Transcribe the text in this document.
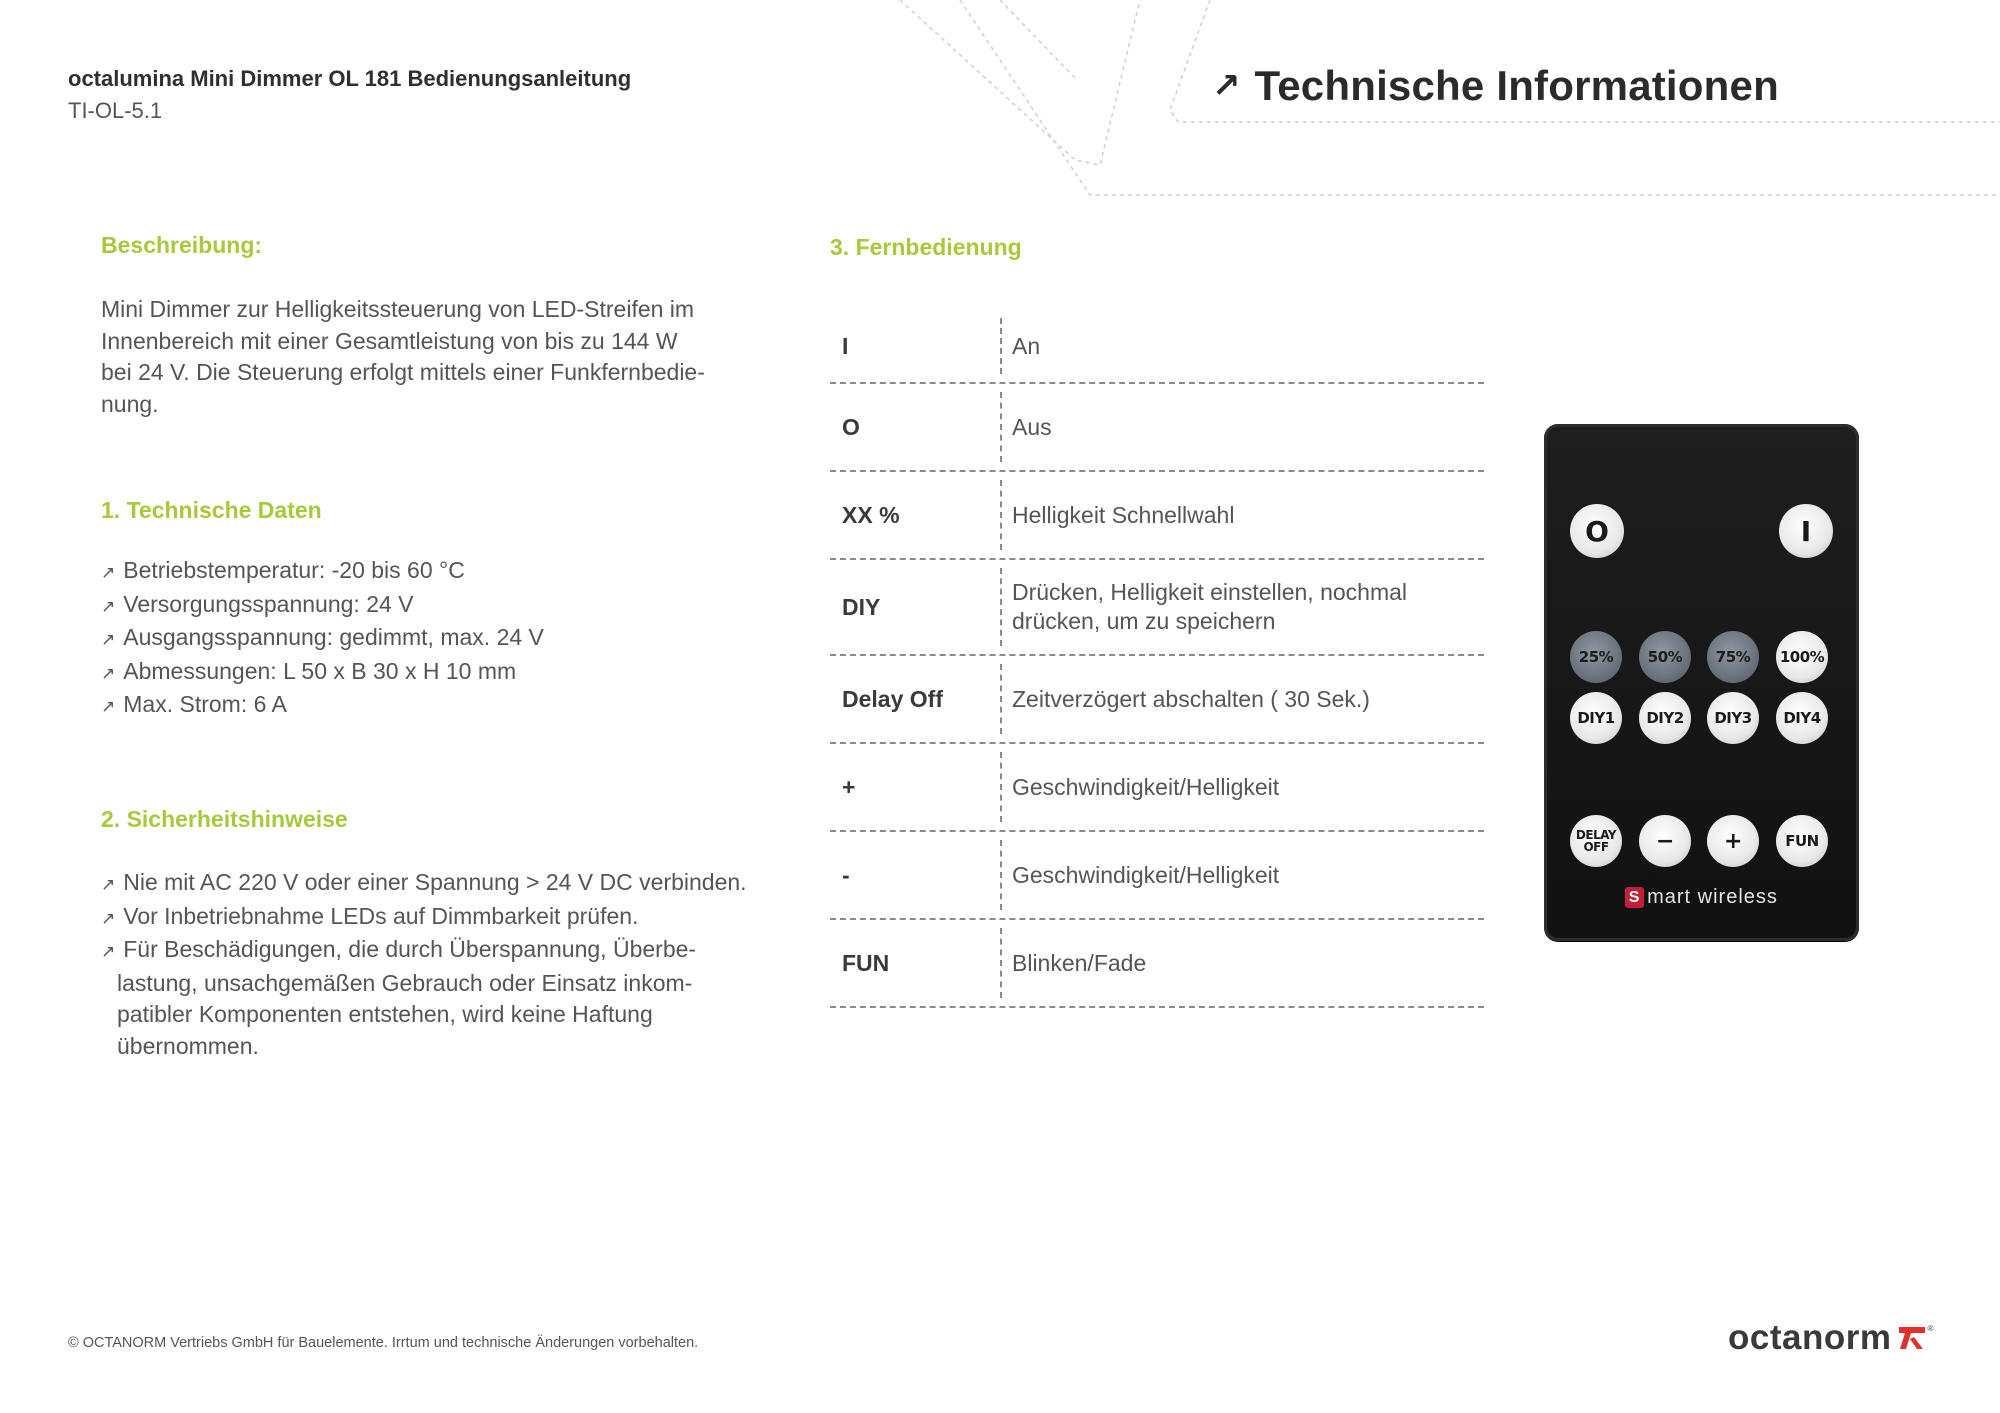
octalumina Mini Dimmer OL 181 Bedienungsanleitung
TI-OL-5.1
↗ Technische Informationen
Beschreibung:
Mini Dimmer zur Helligkeitssteuerung von LED-Streifen im
Innenbereich mit einer Gesamtleistung von bis zu 144 W
bei 24 V. Die Steuerung erfolgt mittels einer Funkfernbedie-
nung.
1. Technische Daten
↗ Betriebstemperatur: -20 bis 60 °C
↗ Versorgungsspannung: 24 V
↗ Ausgangsspannung: gedimmt, max. 24 V
↗ Abmessungen: L 50 x B 30 x H 10 mm
↗ Max. Strom: 6 A
2. Sicherheitshinweise
↗ Nie mit AC 220 V oder einer Spannung > 24 V DC verbinden.
↗ Vor Inbetriebnahme LEDs auf Dimmbarkeit prüfen.
↗ Für Beschädigungen, die durch Überspannung, Überbe-
lastung, unsachgemäßen Gebrauch oder Einsatz inkom-
patibler Komponenten entstehen, wird keine Haftung
übernommen.
3. Fernbedienung
I	An
O	Aus
XX %	Helligkeit Schnellwahl
DIY
Drücken, Helligkeit einstellen, nochmal
drücken, um zu speichern
Delay Off	Zeitverzögert abschalten ( 30 Sek.)
+	Geschwindigkeit/Helligkeit
-	Geschwindigkeit/Helligkeit
FUN	Blinken/Fade
O	I
25% 50% 75% 100%
DIY1 DIY2 DIY3 DIY4
DELAY
OFF	− +	FUN
S mart wireless
© OCTANORM Vertriebs GmbH für Bauelemente. Irrtum und technische Änderungen vorbehalten.	octanorm	®
